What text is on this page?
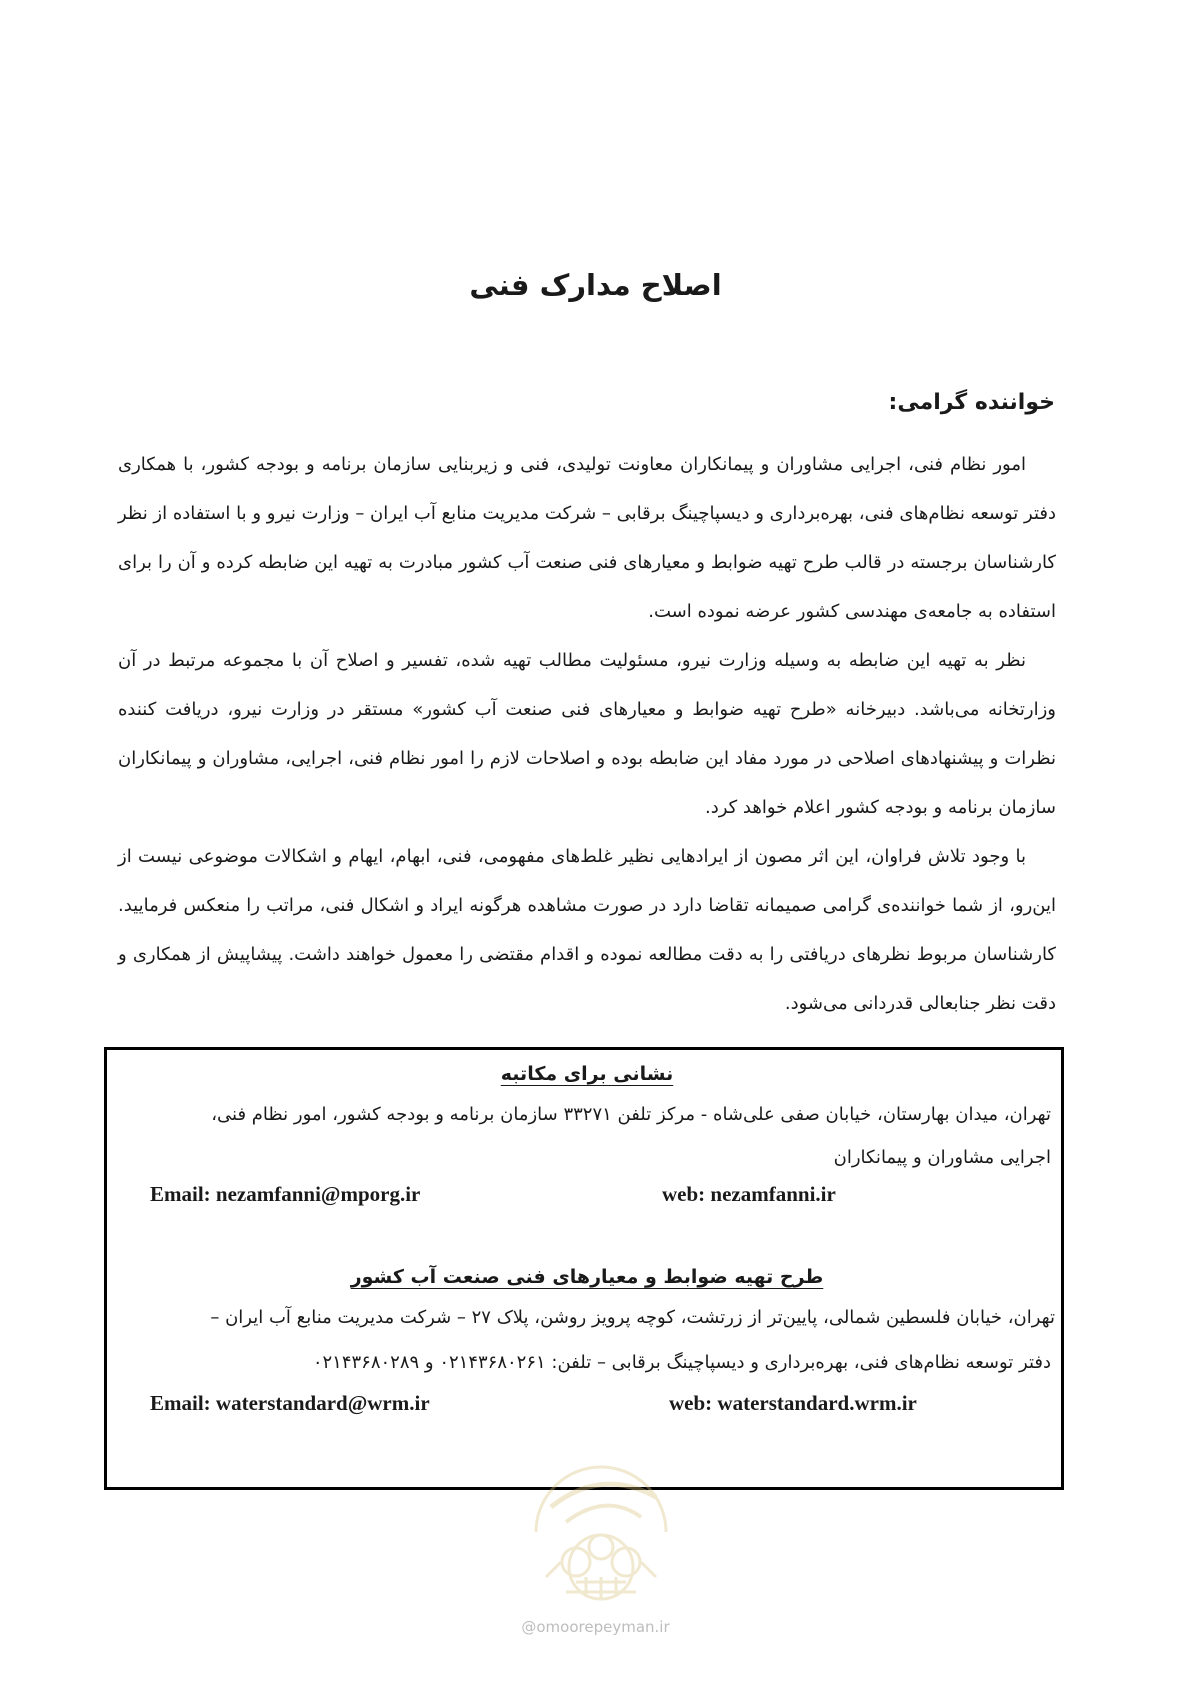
اصلاح مدارک فنی
خواننده گرامی:

امور نظام فنی، اجرایی مشاوران و پیمانکاران معاونت تولیدی، فنی و زیربنایی سازمان برنامه و بودجه کشور، با همکاری دفتر توسعه نظام‌های فنی، بهره‌برداری و دیسپاچینگ برقابی – شرکت مدیریت منابع آب ایران – وزارت نیرو و با استفاده از نظر کارشناسان برجسته در قالب طرح تهیه ضوابط و معیارهای فنی صنعت آب کشور مبادرت به تهیه این ضابطه کرده و آن را برای استفاده به جامعه‌ی مهندسی کشور عرضه نموده است.

نظر به تهیه این ضابطه به وسیله وزارت نیرو، مسئولیت مطالب تهیه شده، تفسیر و اصلاح آن با مجموعه مرتبط در آن وزارتخانه می‌باشد. دبیرخانه «طرح تهیه ضوابط و معیارهای فنی صنعت آب کشور» مستقر در وزارت نیرو، دریافت کننده نظرات و پیشنهادهای اصلاحی در مورد مفاد این ضابطه بوده و اصلاحات لازم را امور نظام فنی، اجرایی، مشاوران و پیمانکاران سازمان برنامه و بودجه کشور اعلام خواهد کرد.

با وجود تلاش فراوان، این اثر مصون از ایرادهایی نظیر غلط‌های مفهومی، فنی، ابهام، ایهام و اشکالات موضوعی نیست از این‌رو، از شما خواننده‌ی گرامی صمیمانه تقاضا دارد در صورت مشاهده هرگونه ایراد و اشکال فنی، مراتب را منعکس فرمایید. کارشناسان مربوط نظرهای دریافتی را به دقت مطالعه نموده و اقدام مقتضی را معمول خواهند داشت. پیشاپیش از همکاری و دقت نظر جنابعالی قدردانی می‌شود.

نشانی برای مکاتبه

تهران، میدان بهارستان، خیابان صفی علی‌شاه - مرکز تلفن ۳۳۲۷۱ سازمان برنامه و بودجه کشور، امور نظام فنی،

اجرایی مشاوران و پیمانکاران

Email: nezamfanni@mporg.ir	web: nezamfanni.ir

طرح تهیه ضوابط و معیارهای فنی صنعت آب کشور

تهران، خیابان فلسطین شمالی، پایین‌تر از زرتشت، کوچه پرویز روشن، پلاک ۲۷ – شرکت مدیریت منابع آب ایران –

دفتر توسعه نظام‌های فنی، بهره‌برداری و دیسپاچینگ برقابی – تلفن: ۰۲۱۴۳۶۸۰۲۶۱ و ۰۲۱۴۳۶۸۰۲۸۹

Email: waterstandard@wrm.ir	web: waterstandard.wrm.ir
@omoorepeyman.ir
